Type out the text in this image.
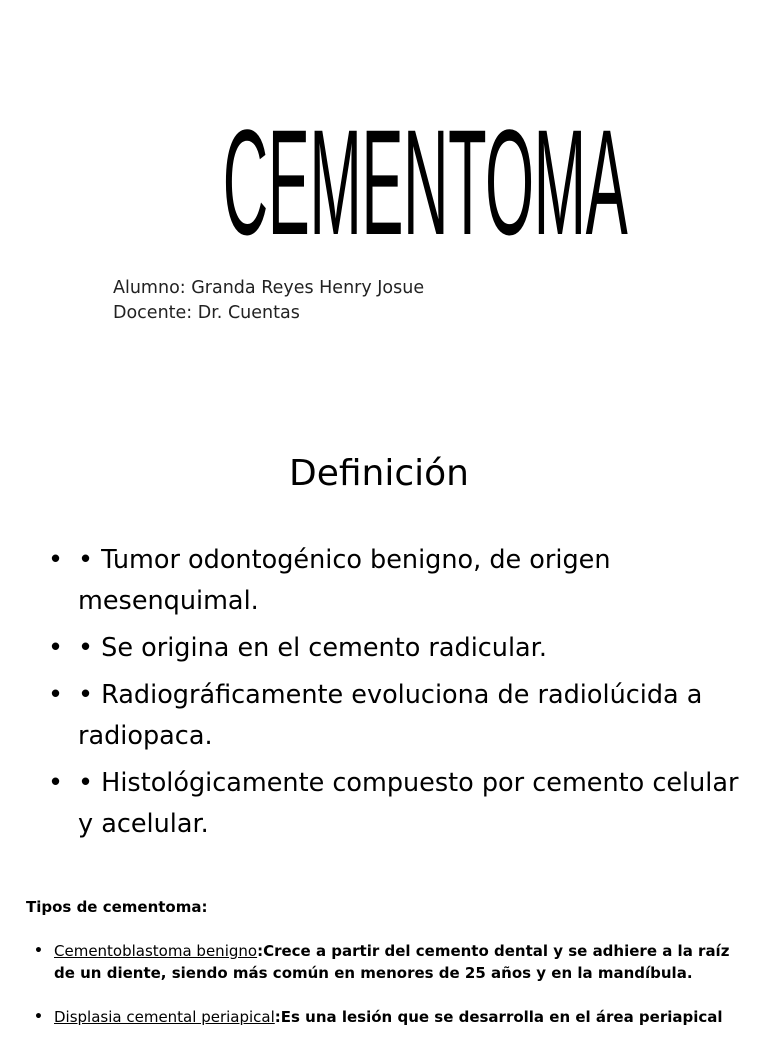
CEMENTOMA
Alumno: Granda Reyes Henry Josue
Docente: Dr. Cuentas
Definición
• • Tumor odontogénico benigno, de origen mesenquimal.
• • Se origina en el cemento radicular.
• • Radiográficamente evoluciona de radiolúcida a radiopaca.
• • Histológicamente compuesto por cemento celular y acelular.
Tipos de cementoma:
• Cementoblastoma benigno:Crece a partir del cemento dental y se adhiere a la raíz de un diente, siendo más común en menores de 25 años y en la mandíbula.
• Displasia cemental periapical:Es una lesión que se desarrolla en el área periapical
